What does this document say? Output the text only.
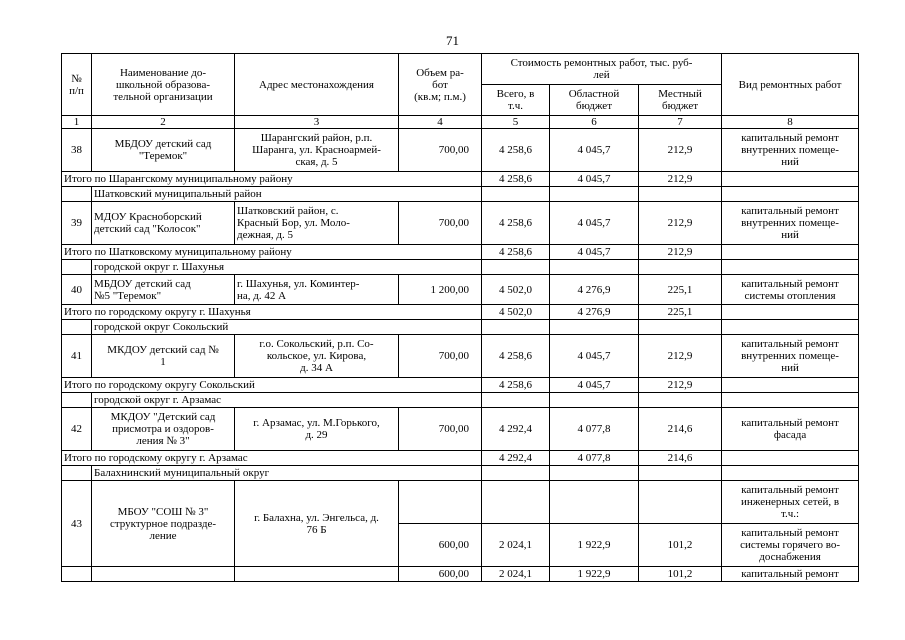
71
№
п/п	Наименование до-
школьной образова-
тельной организации	Адрес местонахождения	Объем ра-
бот
(кв.м; п.м.)	Стоимость ремонтных работ, тыс. руб-
лей			Вид ремонтных работ
				Всего, в
т.ч.	Областной
бюджет	Местный
бюджет	
1	2	3	4	5	6	7	8
38	МБДОУ детский сад
"Теремок"	Шарангский район, р.п.
Шаранга, ул. Красноармей-
ская, д. 5	700,00	4 258,6	4 045,7	212,9	капитальный ремонт
внутренних помеще-
ний
Итого по Шарангскому муниципальному району				4 258,6	4 045,7	212,9	
	Шатковский муниципальный район						
39	МДОУ Красноборский
детский сад "Колосок"	Шатковский район, с.
Красный Бор, ул. Моло-
дежная, д. 5	700,00	4 258,6	4 045,7	212,9	капитальный ремонт
внутренних помеще-
ний
Итого по Шатковскому муниципальному району				4 258,6	4 045,7	212,9	
	городской округ г. Шахунья						
40	МБДОУ детский сад
№5 "Теремок"	г. Шахунья, ул. Коминтер-
на, д. 42 А	1 200,00	4 502,0	4 276,9	225,1	капитальный ремонт
системы отопления
Итого по городскому округу г. Шахунья				4 502,0	4 276,9	225,1	
	городской округ Сокольский						
41	МКДОУ детский сад №
1	г.о. Сокольский, р.п. Со-
кольское, ул. Кирова,
д. 34 А	700,00	4 258,6	4 045,7	212,9	капитальный ремонт
внутренних помеще-
ний
Итого по городскому округу Сокольский				4 258,6	4 045,7	212,9	
	городской округ г. Арзамас						
42	МКДОУ "Детский сад
присмотра и оздоров-
ления № 3"	г. Арзамас, ул. М.Горького,
д. 29	700,00	4 292,4	4 077,8	214,6	капитальный ремонт
фасада
Итого по городскому округу г. Арзамас				4 292,4	4 077,8	214,6	
	Балахнинский муниципальный округ						
43	МБОУ "СОШ № 3"
структурное подразде-
ление	г. Балахна, ул. Энгельса, д.
76 Б					капитальный ремонт
инженерных сетей, в
т.ч.:
			600,00	2 024,1	1 922,9	101,2	капитальный ремонт
системы горячего во-
доснабжения
			600,00	2 024,1	1 922,9	101,2	капитальный ремонт
